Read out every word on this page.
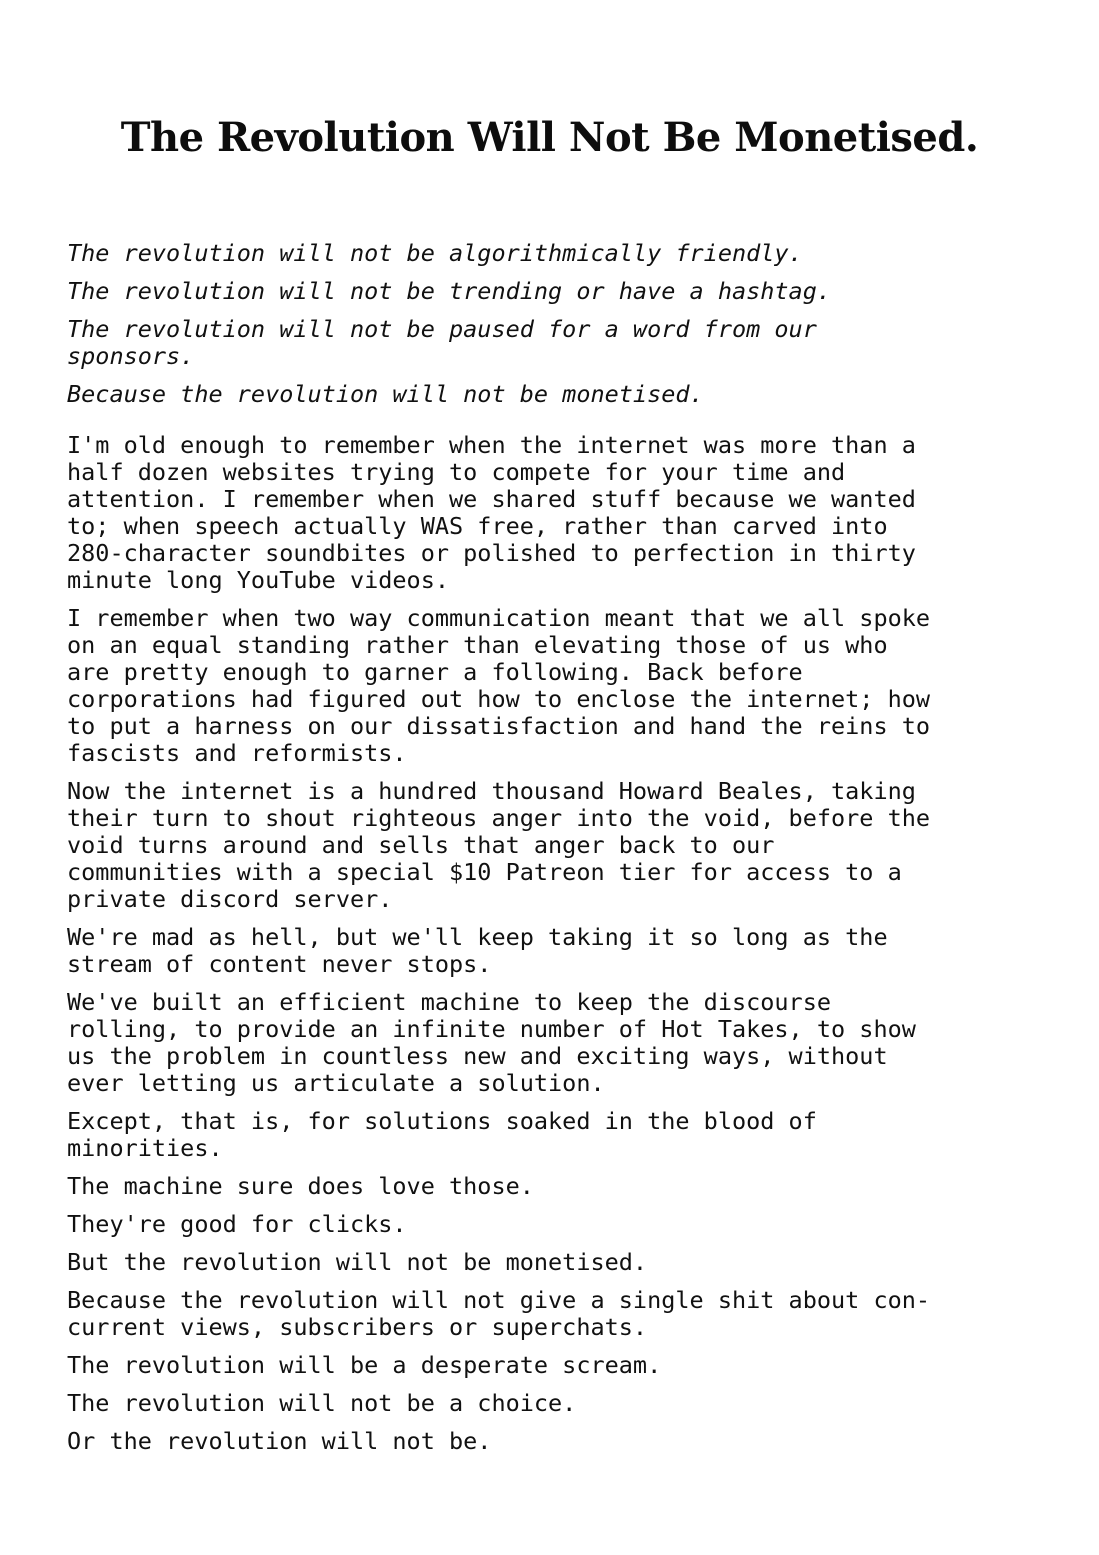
The Revolution Will Not Be Monetised.

The revolution will not be algorithmically friendly.

The revolution will not be trending or have a hashtag.

The revolution will not be paused for a word from our
sponsors.

Because the revolution will not be monetised.

I'm old enough to remember when the internet was more than a
half dozen websites trying to compete for your time and
attention. I remember when we shared stuff because we wanted
to; when speech actually WAS free, rather than carved into
280-character soundbites or polished to perfection in thirty
minute long YouTube videos.

I remember when two way communication meant that we all spoke
on an equal standing rather than elevating those of us who
are pretty enough to garner a following. Back before
corporations had figured out how to enclose the internet; how
to put a harness on our dissatisfaction and hand the reins to
fascists and reformists.

Now the internet is a hundred thousand Howard Beales, taking
their turn to shout righteous anger into the void, before the
void turns around and sells that anger back to our
communities with a special $10 Patreon tier for access to a
private discord server.

We're mad as hell, but we'll keep taking it so long as the
stream of content never stops.

We've built an efficient machine to keep the discourse
rolling, to provide an infinite number of Hot Takes, to show
us the problem in countless new and exciting ways, without
ever letting us articulate a solution.

Except, that is, for solutions soaked in the blood of
minorities.

The machine sure does love those.

They're good for clicks.

But the revolution will not be monetised.

Because the revolution will not give a single shit about con-
current views, subscribers or superchats.

The revolution will be a desperate scream.

The revolution will not be a choice.

Or the revolution will not be.
